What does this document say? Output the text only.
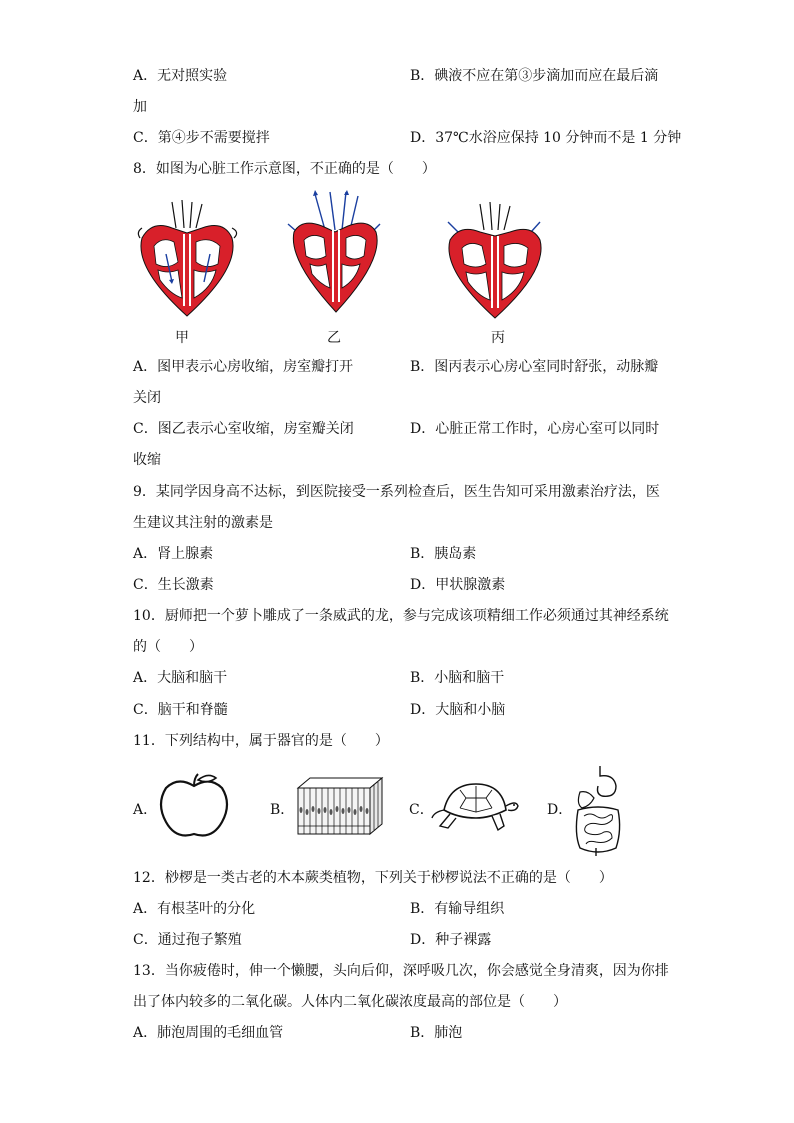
A．无对照实验	B．碘液不应在第③步滴加而应在最后滴
加
C．第④步不需要搅拌	D．37℃水浴应保持 10 分钟而不是 1 分钟
8．如图为心脏工作示意图，不正确的是（　　）
甲	乙	丙
A．图甲表示心房收缩，房室瓣打开	B．图丙表示心房心室同时舒张，动脉瓣
关闭
C．图乙表示心室收缩，房室瓣关闭	D．心脏正常工作时，心房心室可以同时
收缩
9．某同学因身高不达标，到医院接受一系列检查后，医生告知可采用激素治疗法，医
生建议其注射的激素是
A．肾上腺素	B．胰岛素
C．生长激素	D．甲状腺激素
10．厨师把一个萝卜雕成了一条威武的龙，参与完成该项精细工作必须通过其神经系统
的（　　）
A．大脑和脑干	B．小脑和脑干
C．脑干和脊髓	D．大脑和小脑
11．下列结构中，属于器官的是（　　）
A．	B．	C．	D．
12．桫椤是一类古老的木本蕨类植物，下列关于桫椤说法不正确的是（　　）
A．有根茎叶的分化	B．有输导组织
C．通过孢子繁殖	D．种子裸露
13．当你疲倦时，伸一个懒腰，头向后仰，深呼吸几次，你会感觉全身清爽，因为你排
出了体内较多的二氧化碳。人体内二氧化碳浓度最高的部位是（　　）
A．肺泡周围的毛细血管	B．肺泡
